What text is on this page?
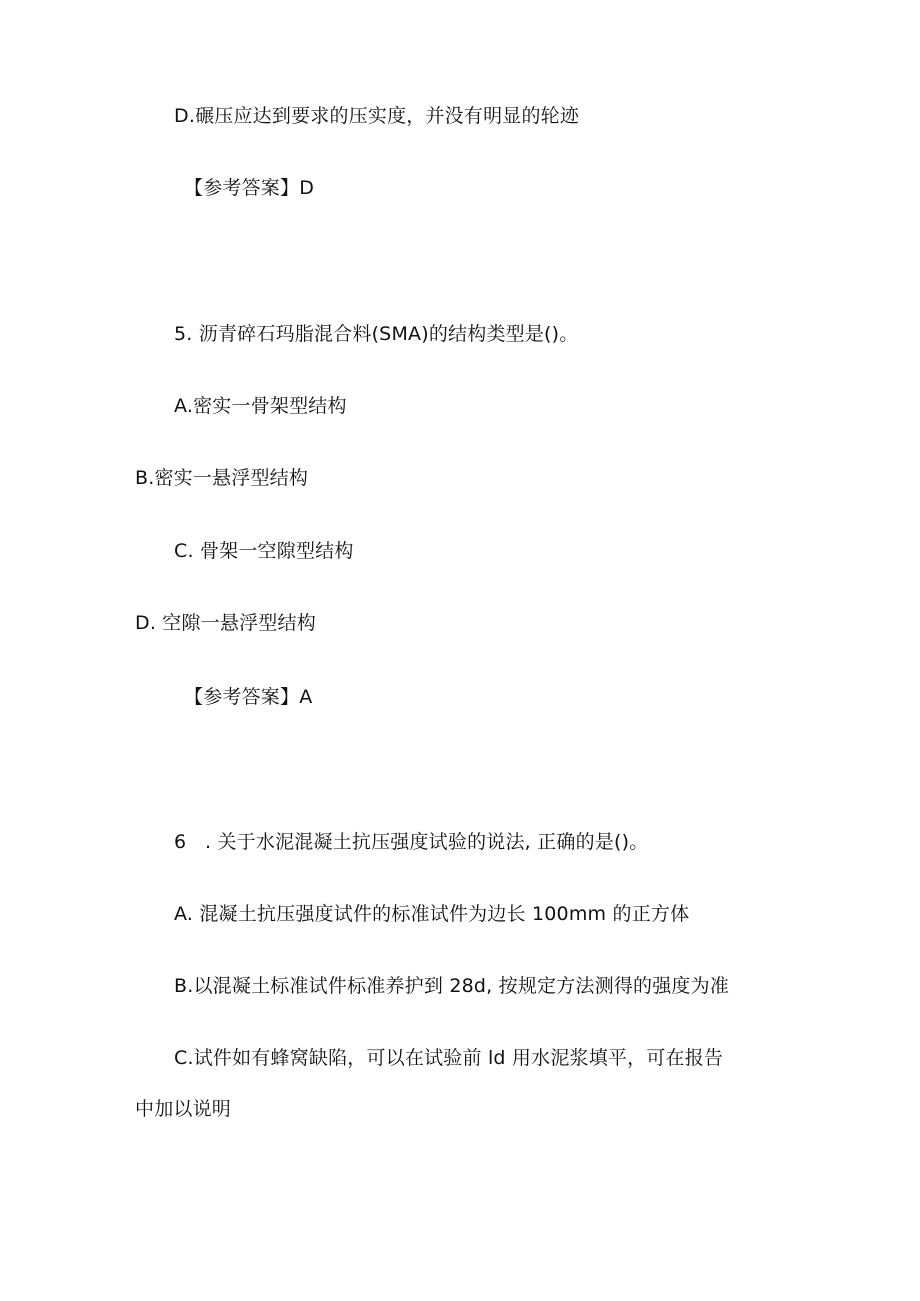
D.碾压应达到要求的压实度，并没有明显的轮迹
【参考答案】D
5. 沥青碎石玛脂混合料(SMA)的结构类型是()。
A.密实一骨架型结构
B.密实一悬浮型结构
C. 骨架一空隙型结构
D. 空隙一悬浮型结构
【参考答案】A
6   . 关于水泥混凝土抗压强度试验的说法, 正确的是()。
A. 混凝土抗压强度试件的标准试件为边长 100mm 的正方体
B.以混凝土标准试件标准养护到 28d, 按规定方法测得的强度为准
C.试件如有蜂窝缺陷，可以在试验前 ld 用水泥浆填平，可在报告
中加以说明
